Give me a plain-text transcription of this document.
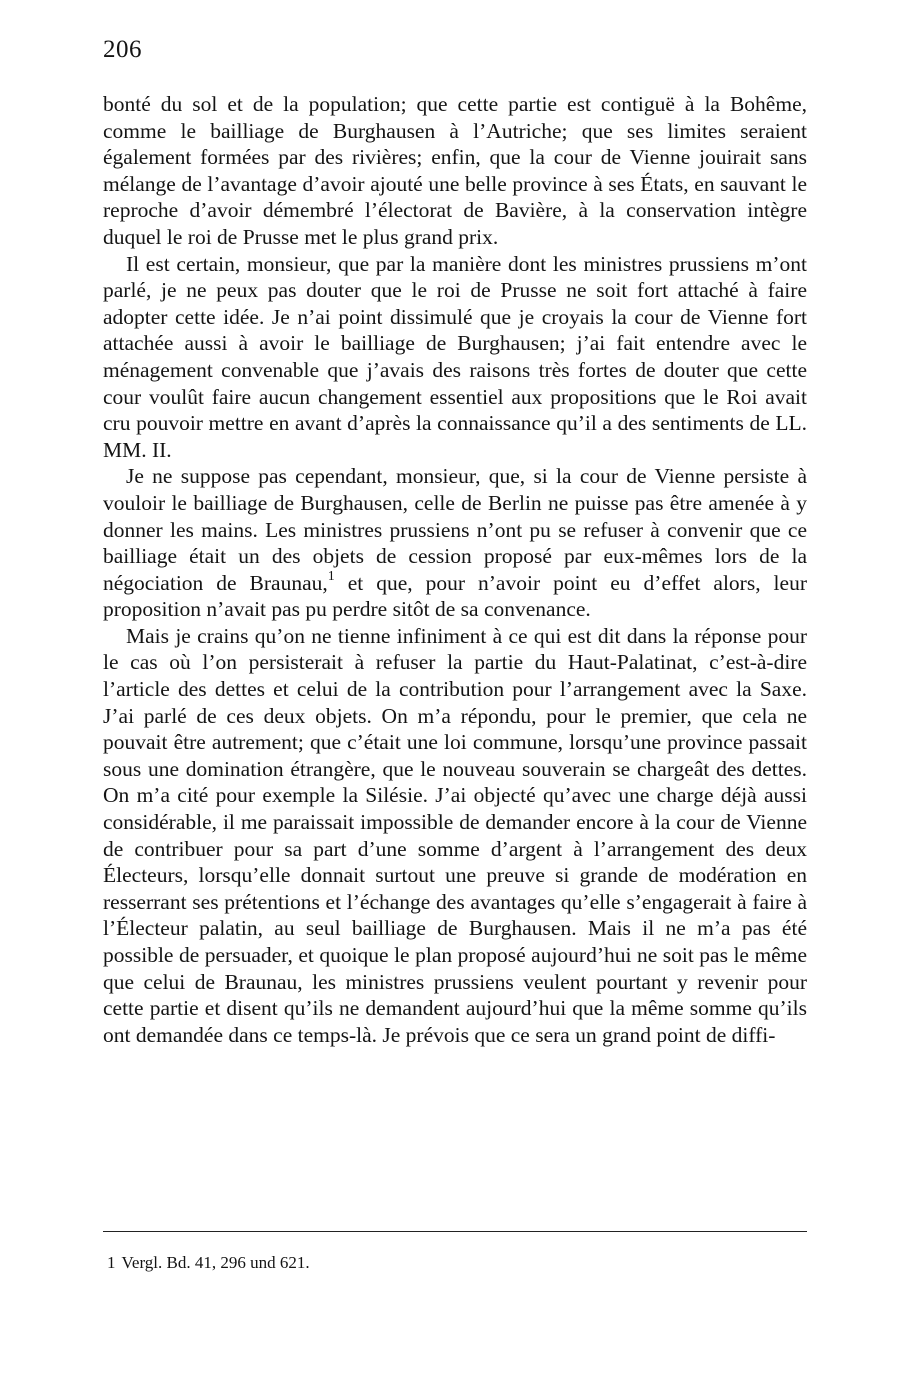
206

bonté du sol et de la population; que cette partie est contiguë à la Bohême, comme le bailliage de Burghausen à l’Autriche; que ses limites seraient également formées par des rivières; enfin, que la cour de Vienne jouirait sans mélange de l’avantage d’avoir ajouté une belle province à ses États, en sauvant le reproche d’avoir démembré l’électorat de Bavière, à la conservation intègre duquel le roi de Prusse met le plus grand prix.

Il est certain, monsieur, que par la manière dont les ministres prussiens m’ont parlé, je ne peux pas douter que le roi de Prusse ne soit fort attaché à faire adopter cette idée. Je n’ai point dissimulé que je croyais la cour de Vienne fort attachée aussi à avoir le bailliage de Burghausen; j’ai fait entendre avec le ménagement convenable que j’avais des raisons très fortes de douter que cette cour voulût faire aucun changement essentiel aux propositions que le Roi avait cru pouvoir mettre en avant d’après la connaissance qu’il a des sentiments de LL. MM. II.

Je ne suppose pas cependant, monsieur, que, si la cour de Vienne persiste à vouloir le bailliage de Burghausen, celle de Berlin ne puisse pas être amenée à y donner les mains. Les ministres prussiens n’ont pu se refuser à convenir que ce bailliage était un des objets de cession proposé par eux-mêmes lors de la négociation de Braunau,$^1$ et que, pour n’avoir point eu d’effet alors, leur proposition n’avait pas pu perdre sitôt de sa convenance.

Mais je crains qu’on ne tienne infiniment à ce qui est dit dans la réponse pour le cas où l’on persisterait à refuser la partie du Haut-Palatinat, c’est-à-dire l’article des dettes et celui de la contribution pour l’arrangement avec la Saxe. J’ai parlé de ces deux objets. On m’a répondu, pour le premier, que cela ne pouvait être autrement; que c’était une loi commune, lorsqu’une province passait sous une domination étrangère, que le nouveau souverain se chargeât des dettes. On m’a cité pour exemple la Silésie. J’ai objecté qu’avec une charge déjà aussi considérable, il me paraissait impossible de demander encore à la cour de Vienne de contribuer pour sa part d’une somme d’argent à l’arrangement des deux Électeurs, lorsqu’elle donnait surtout une preuve si grande de modération en resserrant ses prétentions et l’échange des avantages qu’elle s’engagerait à faire à l’Électeur palatin, au seul bailliage de Burghausen. Mais il ne m’a pas été possible de persuader, et quoique le plan proposé aujourd’hui ne soit pas le même que celui de Braunau, les ministres prussiens veulent pourtant y revenir pour cette partie et disent qu’ils ne demandent aujourd’hui que la même somme qu’ils ont demandée dans ce temps-là. Je prévois que ce sera un grand point de diffi-

1 Vergl. Bd. 41, 296 und 621.
